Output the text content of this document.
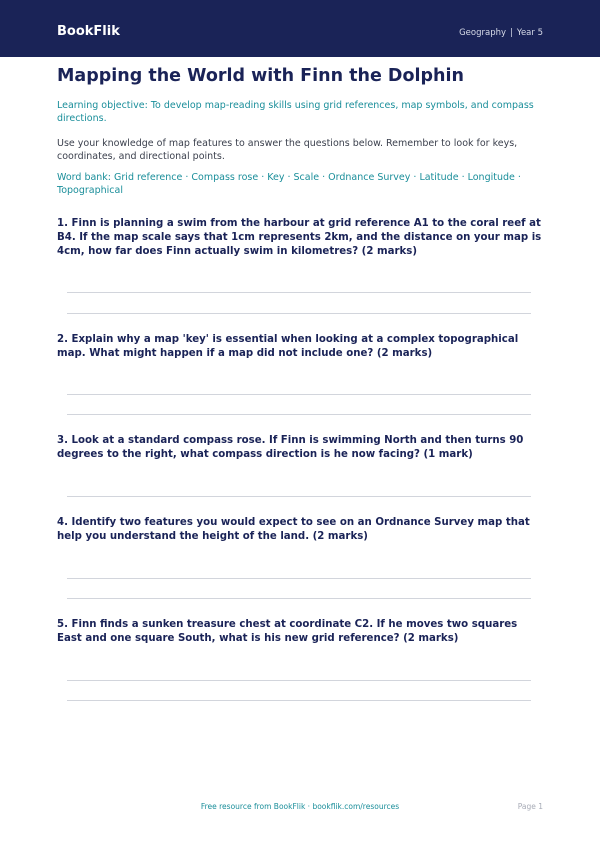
BookFlik	Geography | Year 5
Mapping the World with Finn the Dolphin

Learning objective: To develop map-reading skills using grid references, map symbols, and compass directions.

Use your knowledge of map features to answer the questions below. Remember to look for keys, coordinates, and directional points.

Word bank: Grid reference · Compass rose · Key · Scale · Ordnance Survey · Latitude · Longitude · Topographical

1. Finn is planning a swim from the harbour at grid reference A1 to the coral reef at B4. If the map scale says that 1cm represents 2km, and the distance on your map is 4cm, how far does Finn actually swim in kilometres? (2 marks)

2. Explain why a map 'key' is essential when looking at a complex topographical map. What might happen if a map did not include one? (2 marks)

3. Look at a standard compass rose. If Finn is swimming North and then turns 90 degrees to the right, what compass direction is he now facing? (1 mark)

4. Identify two features you would expect to see on an Ordnance Survey map that help you understand the height of the land. (2 marks)

5. Finn finds a sunken treasure chest at coordinate C2. If he moves two squares East and one square South, what is his new grid reference? (2 marks)

Free resource from BookFlik · bookflik.com/resources	Page 1
